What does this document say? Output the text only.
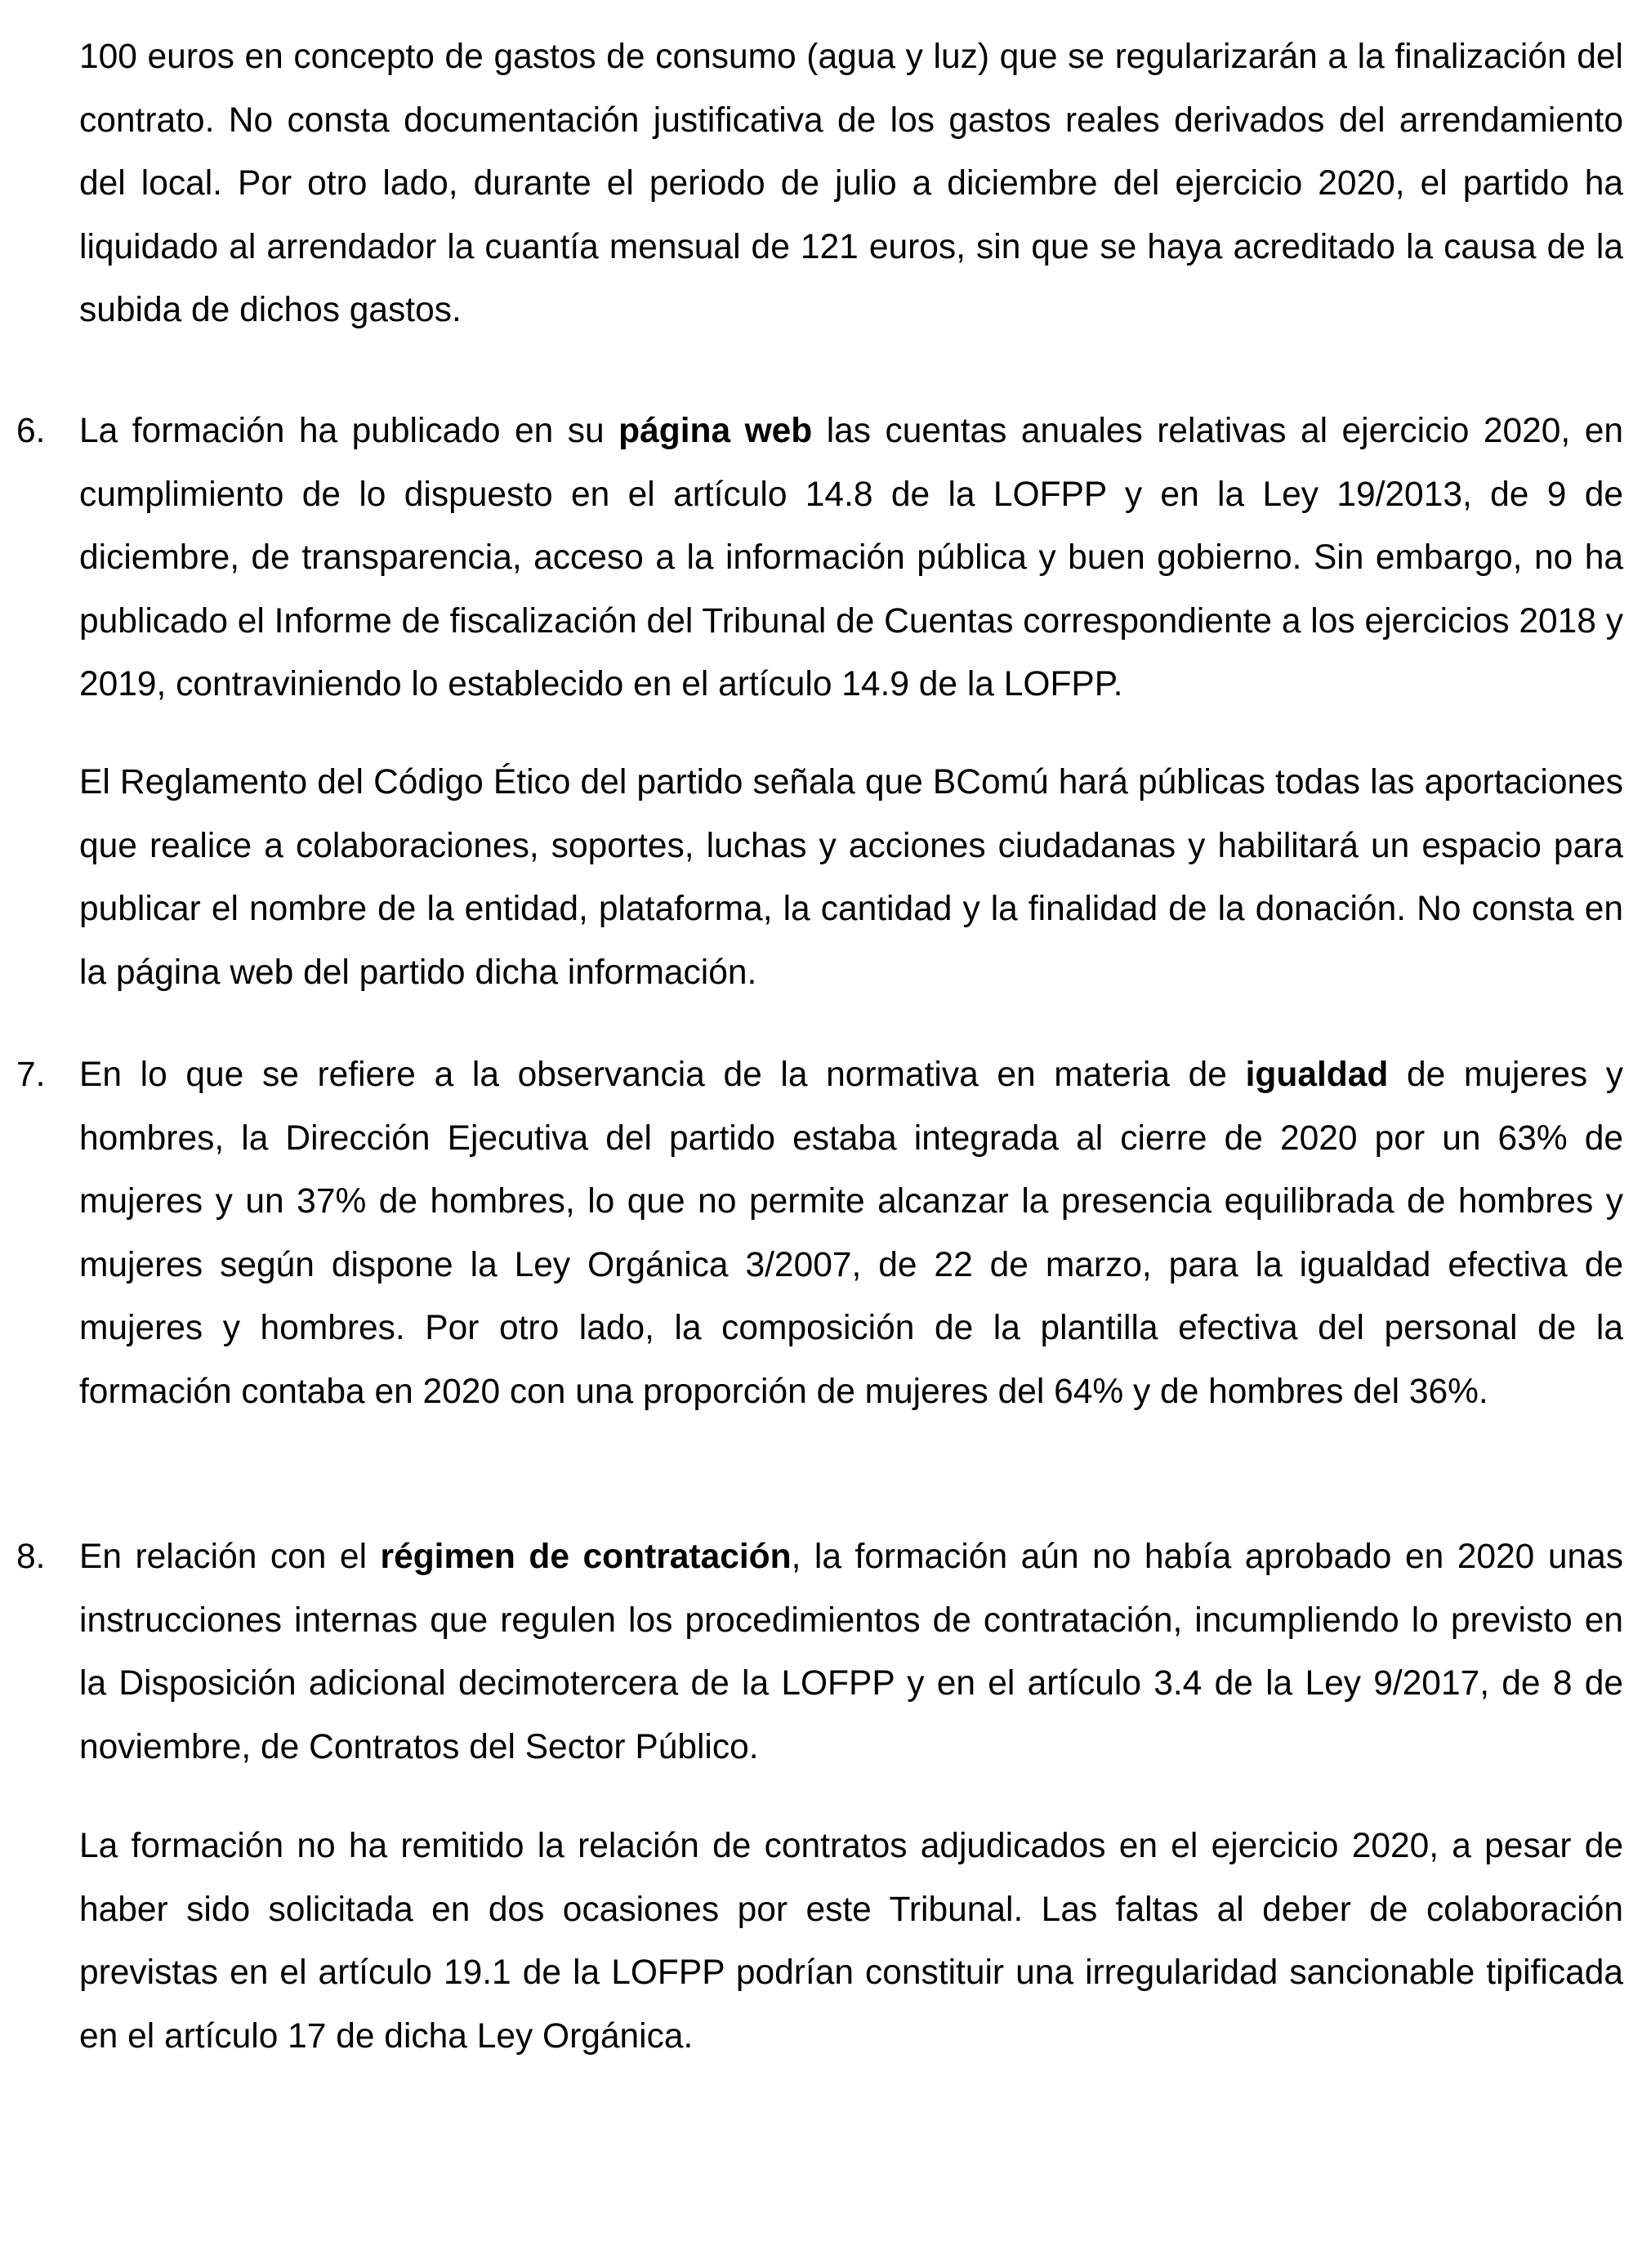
100 euros en concepto de gastos de consumo (agua y luz) que se regularizarán a la finalización del contrato. No consta documentación justificativa de los gastos reales derivados del arrendamiento del local. Por otro lado, durante el periodo de julio a diciembre del ejercicio 2020, el partido ha liquidado al arrendador la cuantía mensual de 121 euros, sin que se haya acreditado la causa de la subida de dichos gastos.

6. La formación ha publicado en su página web las cuentas anuales relativas al ejercicio 2020, en cumplimiento de lo dispuesto en el artículo 14.8 de la LOFPP y en la Ley 19/2013, de 9 de diciembre, de transparencia, acceso a la información pública y buen gobierno. Sin embargo, no ha publicado el Informe de fiscalización del Tribunal de Cuentas correspondiente a los ejercicios 2018 y 2019, contraviniendo lo establecido en el artículo 14.9 de la LOFPP.

El Reglamento del Código Ético del partido señala que BComú hará públicas todas las aportaciones que realice a colaboraciones, soportes, luchas y acciones ciudadanas y habilitará un espacio para publicar el nombre de la entidad, plataforma, la cantidad y la finalidad de la donación. No consta en la página web del partido dicha información.

7. En lo que se refiere a la observancia de la normativa en materia de igualdad de mujeres y hombres, la Dirección Ejecutiva del partido estaba integrada al cierre de 2020 por un 63% de mujeres y un 37% de hombres, lo que no permite alcanzar la presencia equilibrada de hombres y mujeres según dispone la Ley Orgánica 3/2007, de 22 de marzo, para la igualdad efectiva de mujeres y hombres. Por otro lado, la composición de la plantilla efectiva del personal de la formación contaba en 2020 con una proporción de mujeres del 64% y de hombres del 36%.

8. En relación con el régimen de contratación, la formación aún no había aprobado en 2020 unas instrucciones internas que regulen los procedimientos de contratación, incumpliendo lo previsto en la Disposición adicional decimotercera de la LOFPP y en el artículo 3.4 de la Ley 9/2017, de 8 de noviembre, de Contratos del Sector Público.

La formación no ha remitido la relación de contratos adjudicados en el ejercicio 2020, a pesar de haber sido solicitada en dos ocasiones por este Tribunal. Las faltas al deber de colaboración previstas en el artículo 19.1 de la LOFPP podrían constituir una irregularidad sancionable tipificada en el artículo 17 de dicha Ley Orgánica.
